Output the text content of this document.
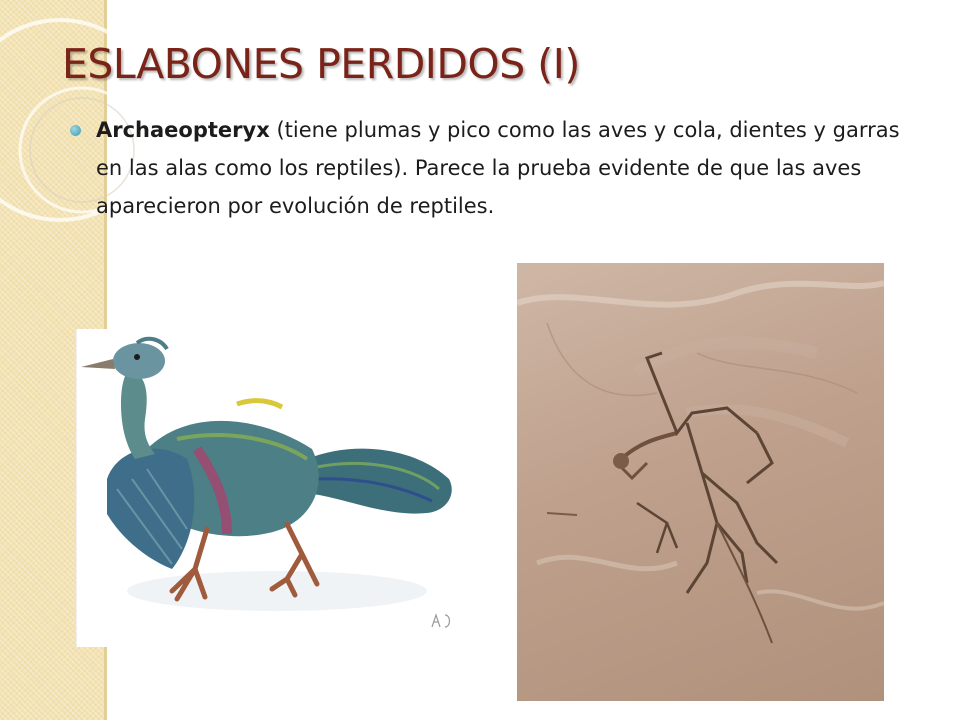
ESLABONES PERDIDOS (I)

Archaeopteryx (tiene plumas y pico como las aves y cola, dientes y garras en las alas como los reptiles). Parece la prueba evidente de que las aves aparecieron por evolución de reptiles.
